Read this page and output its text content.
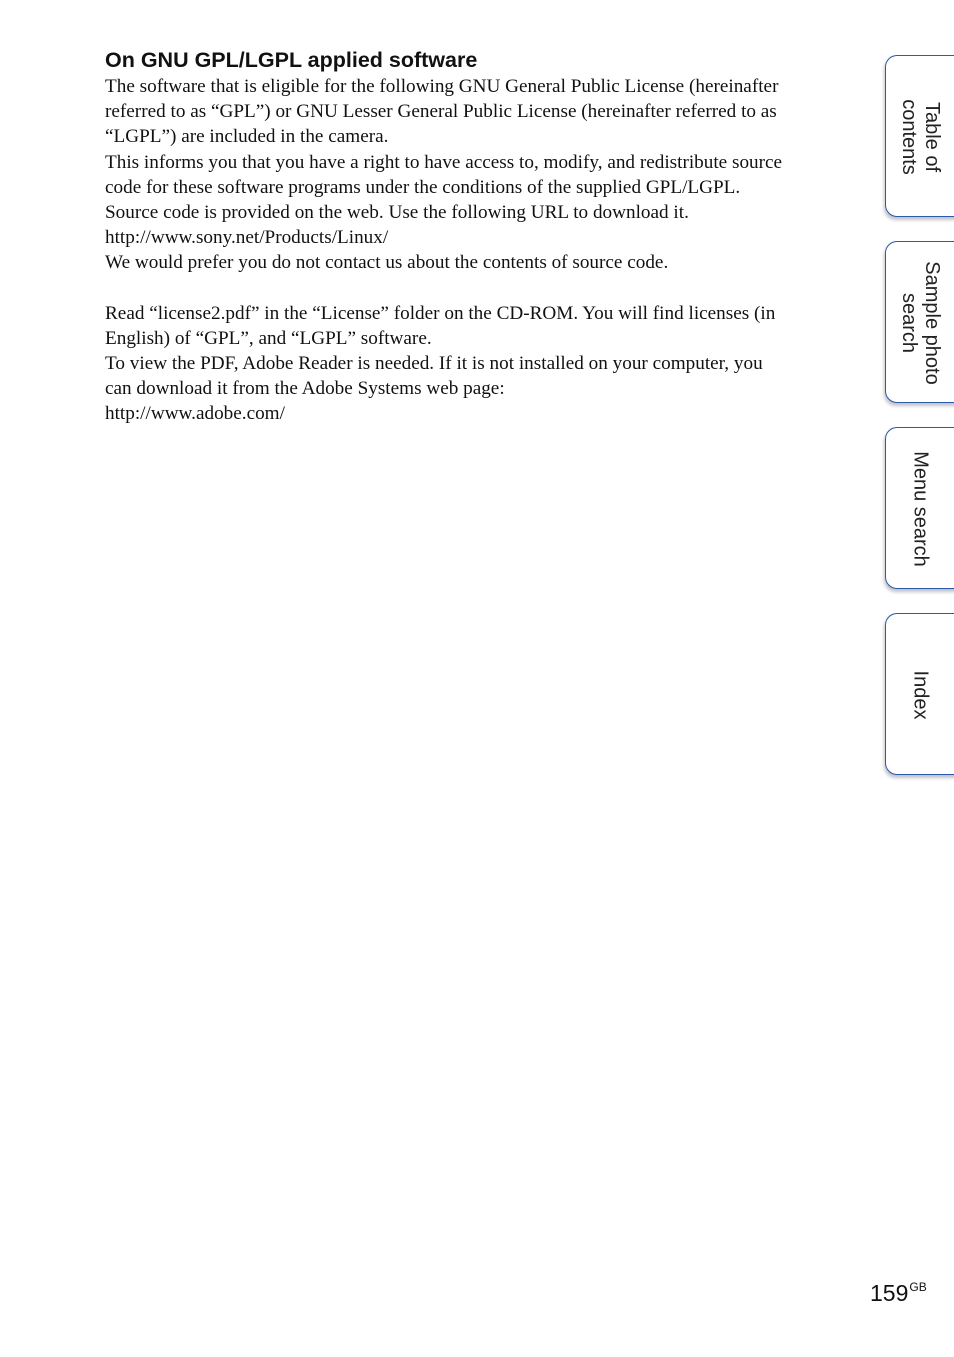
On GNU GPL/LGPL applied software
The software that is eligible for the following GNU General Public License (hereinafter
referred to as “GPL”) or GNU Lesser General Public License (hereinafter referred to as
“LGPL”) are included in the camera.
This informs you that you have a right to have access to, modify, and redistribute source
code for these software programs under the conditions of the supplied GPL/LGPL.
Source code is provided on the web. Use the following URL to download it.
http://www.sony.net/Products/Linux/
We would prefer you do not contact us about the contents of source code.
Read “license2.pdf” in the “License” folder on the CD-ROM. You will find licenses (in
English) of “GPL”, and “LGPL” software.
To view the PDF, Adobe Reader is needed. If it is not installed on your computer, you
can download it from the Adobe Systems web page:
http://www.adobe.com/
Table of
contents
Sample photo
search
Menu search
Index
$159^{GB}$
